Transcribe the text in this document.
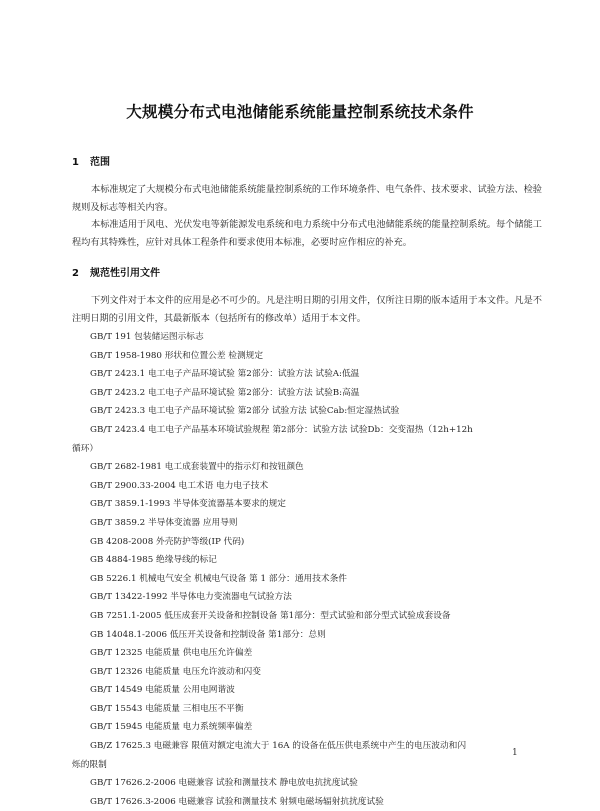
大规模分布式电池储能系统能量控制系统技术条件
1 范围
本标准规定了大规模分布式电池储能系统能量控制系统的工作环境条件、电气条件、技术要求、试验方法、检验规则及标志等相关内容。
本标准适用于风电、光伏发电等新能源发电系统和电力系统中分布式电池储能系统的能量控制系统。每个储能工程均有其特殊性，应针对具体工程条件和要求使用本标准，必要时应作相应的补充。
2 规范性引用文件
下列文件对于本文件的应用是必不可少的。凡是注明日期的引用文件，仅所注日期的版本适用于本文件。凡是不注明日期的引用文件，其最新版本（包括所有的修改单）适用于本文件。
GB/T 191 包装储运图示标志
GB/T 1958-1980 形状和位置公差 检测规定
GB/T 2423.1 电工电子产品环境试验 第2部分：试验方法 试验A:低温
GB/T 2423.2 电工电子产品环境试验 第2部分：试验方法 试验B:高温
GB/T 2423.3 电工电子产品环境试验 第2部分 试验方法 试验Cab:恒定湿热试验
GB/T 2423.4 电工电子产品基本环境试验规程 第2部分：试验方法 试验Db：交变湿热（12h+12h
循环）
GB/T 2682-1981 电工成套装置中的指示灯和按钮颜色
GB/T 2900.33-2004 电工术语 电力电子技术
GB/T 3859.1-1993 半导体变流器基本要求的规定
GB/T 3859.2 半导体变流器 应用导则
GB 4208-2008 外壳防护等级(IP 代码)
GB 4884-1985 绝缘导线的标记
GB 5226.1 机械电气安全 机械电气设备 第 1 部分：通用技术条件
GB/T 13422-1992 半导体电力变流器电气试验方法
GB 7251.1-2005 低压成套开关设备和控制设备 第1部分：型式试验和部分型式试验成套设备
GB 14048.1-2006 低压开关设备和控制设备 第1部分：总则
GB/T 12325 电能质量 供电电压允许偏差
GB/T 12326 电能质量 电压允许波动和闪变
GB/T 14549 电能质量 公用电网谐波
GB/T 15543 电能质量 三相电压不平衡
GB/T 15945 电能质量 电力系统频率偏差
GB/Z 17625.3 电磁兼容 限值对额定电流大于 16A 的设备在低压供电系统中产生的电压波动和闪
烁的限制
GB/T 17626.2-2006 电磁兼容 试验和测量技术 静电放电抗扰度试验
GB/T 17626.3-2006 电磁兼容 试验和测量技术 射频电磁场辐射抗扰度试验
1
